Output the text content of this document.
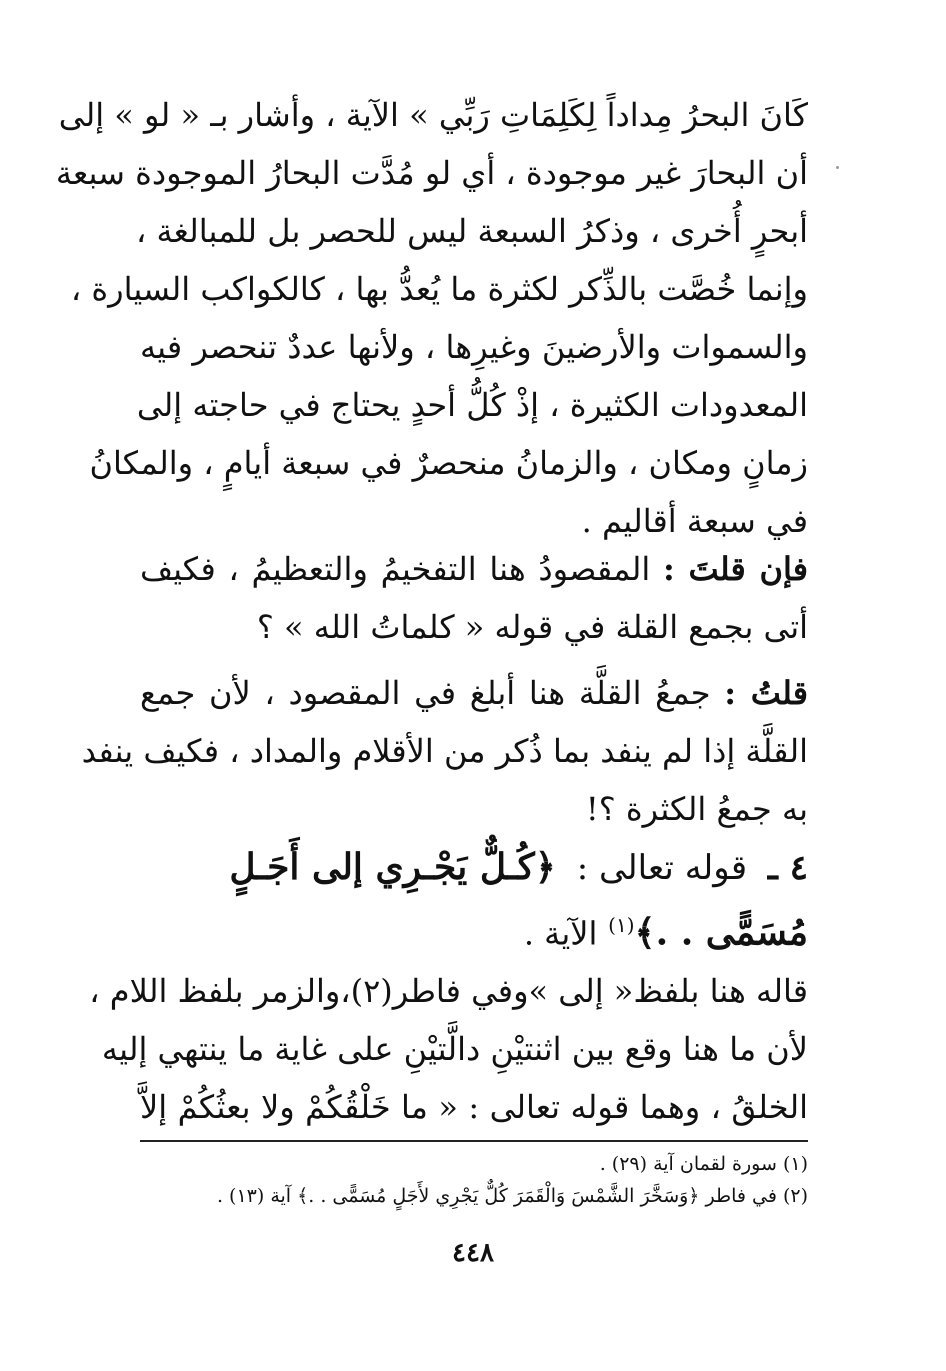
كَانَ البحرُ مِداداً لِكَلِمَاتِ رَبِّي » الآية ، وأشار بـ « لو » إلى
أن البحارَ غير موجودة ، أي لو مُدَّت البحارُ الموجودة سبعة
أبحرٍ أُخرى ، وذكرُ السبعة ليس للحصر بل للمبالغة ،
وإنما خُصَّت بالذِّكر لكثرة ما يُعدُّ بها ، كالكواكب السيارة ،
والسموات والأرضينَ وغيرِها ، ولأنها عددٌ تنحصر فيه
المعدودات الكثيرة ، إذْ كُلُّ أحدٍ يحتاج في حاجته إلى
زمانٍ ومكان ، والزمانُ منحصرٌ في سبعة أيامٍ ، والمكانُ
في سبعة أقاليم .
فإن قلتَ : المقصودُ هنا التفخيمُ والتعظيمُ ، فكيف
أتى بجمع القلة في قوله « كلماتُ الله » ؟
قلتُ : جمعُ القلَّة هنا أبلغ في المقصود ، لأن جمع
القلَّة إذا لم ينفد بما ذُكر من الأقلام والمداد ، فكيف ينفد
به جمعُ الكثرة ؟!
٤ ـ قوله تعالى : ﴿كُـلٌّ يَجْـرِي إلى أَجَـلٍ
مُسَمًّى . .﴾$^{(١)}$ الآية .
قاله هنا بلفظ« إلى »وفي فاطر(٢)،والزمر بلفظ اللام ،
لأن ما هنا وقع بين اثنتيْنِ دالَّتيْنِ على غاية ما ينتهي إليه
الخلقُ ، وهما قوله تعالى : « ما خَلْقُكُمْ ولا بعثُكُمْ إلاَّ
(١) سورة لقمان آية (٢٩) .
(٢) في فاطر ﴿وَسَخَّرَ الشَّمْسَ وَالْقَمَرَ كُلٌّ يَجْرِي لأَجَلٍ مُسَمًّى . .﴾ آية (١٣) .
٤٤٨
